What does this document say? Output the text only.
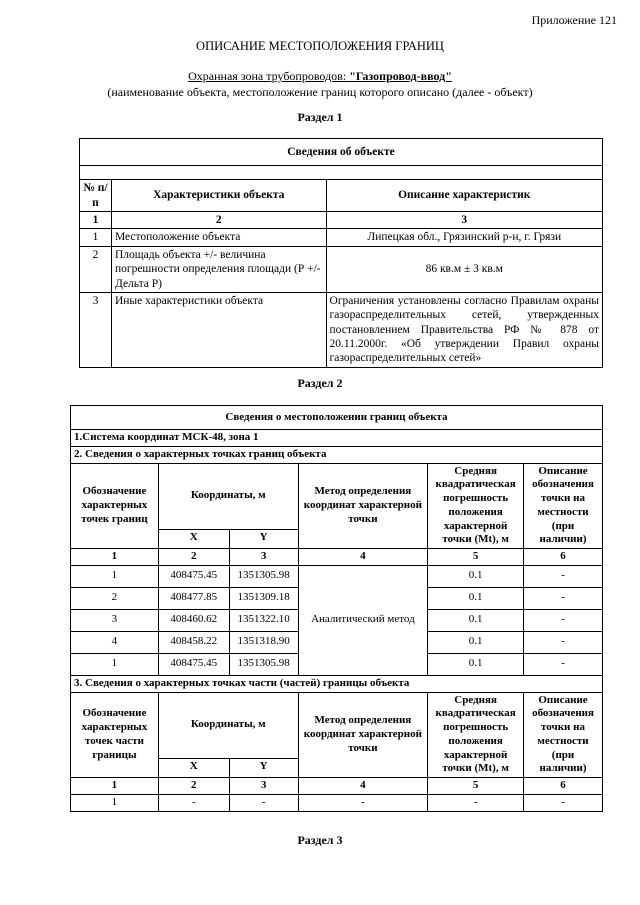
Приложение 121
ОПИСАНИЕ МЕСТОПОЛОЖЕНИЯ ГРАНИЦ
Охранная зона трубопроводов: "Газопровод-ввод"
(наименование объекта, местоположение границ которого описано (далее - объект)
Раздел 1
Сведения об объекте		

№ п/п	Характеристики объекта	Описание характеристик
1	2	3
1	Местоположение объекта	Липецкая обл., Грязинский р-н, г. Грязи
2	Площадь объекта +/- величина погрешности определения площади (Р +/- Дельта Р)	86 кв.м ± 3 кв.м
3	Иные характеристики объекта	Ограничения установлены согласно Правилам охраны газораспределительных сетей, утвержденных постановлением Правительства РФ № 878 от 20.11.2000г. «Об утверждении Правил охраны газораспределительных сетей»
Раздел 2
Сведения о местоположении границ объекта					
1.Система координат МСК-48, зона 1					
2. Сведения о характерных точках границ объекта					
Обозначение характерных точек границ	Координаты, м		Метод определения координат характерной точки	Средняя квадратическая погрешность положения характерной точки (Mt), м	Описание обозначения точки на местности (при наличии)
	X	Y			
1	2	3	4	5	6
1	408475.45	1351305.98	Аналитический метод	0.1	-
2	408477.85	1351309.18		0.1	-
3	408460.62	1351322.10		0.1	-
4	408458.22	1351318.90		0.1	-
1	408475.45	1351305.98		0.1	-
3. Сведения о характерных точках части (частей) границы объекта					
Обозначение характерных точек части границы	Координаты, м		Метод определения координат характерной точки	Средняя квадратическая погрешность положения характерной точки (Mt), м	Описание обозначения точки на местности (при наличии)
	X	Y			
1	2	3	4	5	6
1	-	-	-	-	-
Раздел 3
